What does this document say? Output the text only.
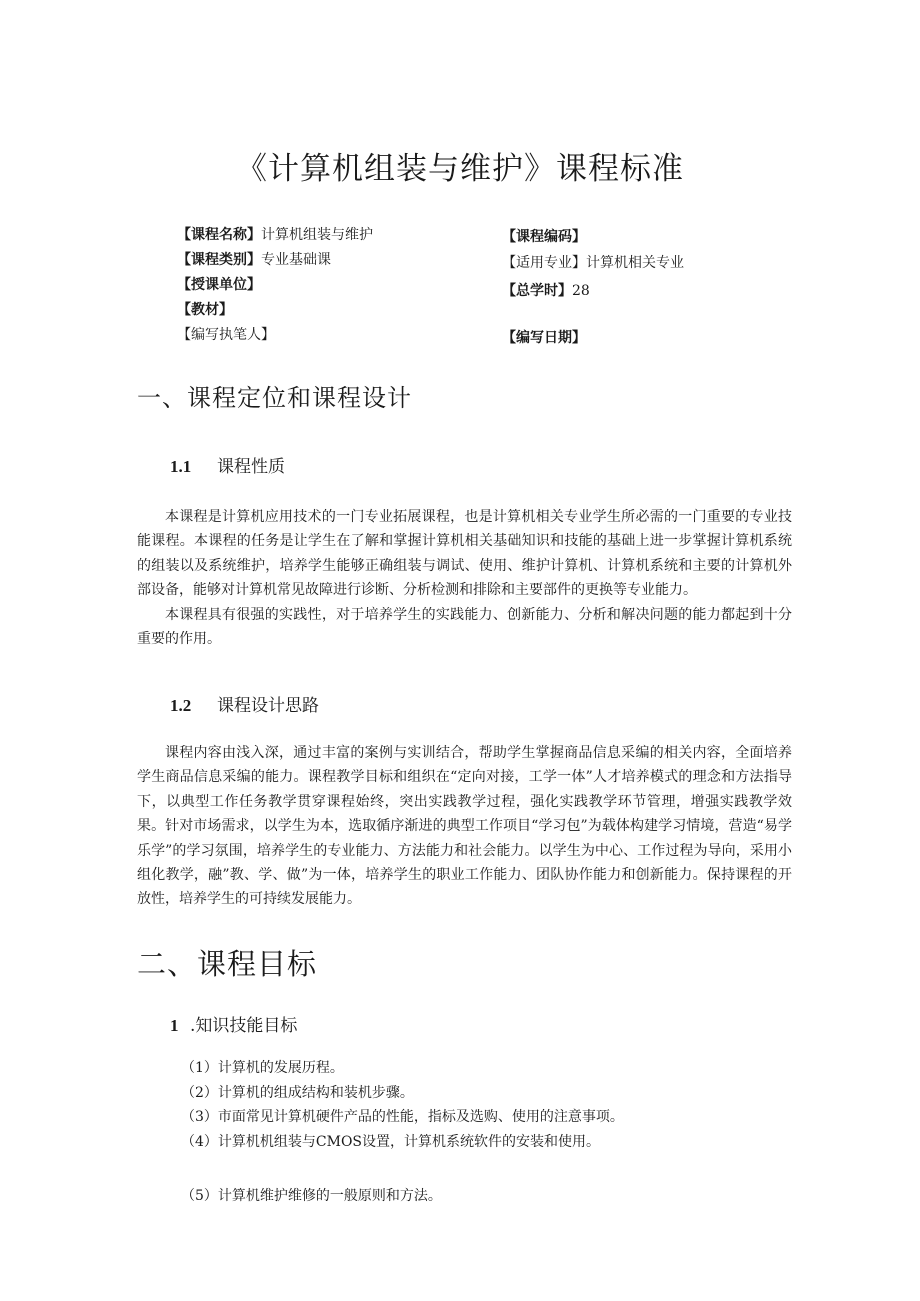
《计算机组装与维护》课程标准
【课程名称】计算机组装与维护
【课程类别】专业基础课
【授课单位】
【教材】
【编写执笔人】
【课程编码】
【适用专业】计算机相关专业
【总学时】28
【编写日期】
一、课程定位和课程设计
1.1 课程性质

本课程是计算机应用技术的一门专业拓展课程，也是计算机相关专业学生所必需的一门重要的专业技能课程。本课程的任务是让学生在了解和掌握计算机相关基础知识和技能的基础上进一步掌握计算机系统的组装以及系统维护，培养学生能够正确组装与调试、使用、维护计算机、计算机系统和主要的计算机外部设备，能够对计算机常见故障进行诊断、分析检测和排除和主要部件的更换等专业能力。

本课程具有很强的实践性，对于培养学生的实践能力、创新能力、分析和解决问题的能力都起到十分重要的作用。

1.2 课程设计思路

课程内容由浅入深，通过丰富的案例与实训结合，帮助学生掌握商品信息采编的相关内容，全面培养学生商品信息采编的能力。课程教学目标和组织在“定向对接，工学一体”人才培养模式的理念和方法指导下，以典型工作任务教学贯穿课程始终，突出实践教学过程，强化实践教学环节管理，增强实践教学效果。针对市场需求，以学生为本，选取循序渐进的典型工作项目“学习包”为载体构建学习情境，营造“易学乐学”的学习氛围，培养学生的专业能力、方法能力和社会能力。以学生为中心、工作过程为导向，采用小组化教学，融”教、学、做”为一体，培养学生的职业工作能力、团队协作能力和创新能力。保持课程的开放性，培养学生的可持续发展能力。

二、课程目标
1 .知识技能目标
（1）计算机的发展历程。
（2）计算机的组成结构和装机步骤。
（3）市面常见计算机硬件产品的性能，指标及选购、使用的注意事项。
（4）计算机机组装与CMOS设置，计算机系统软件的安装和使用。
（5）计算机维护维修的一般原则和方法。
